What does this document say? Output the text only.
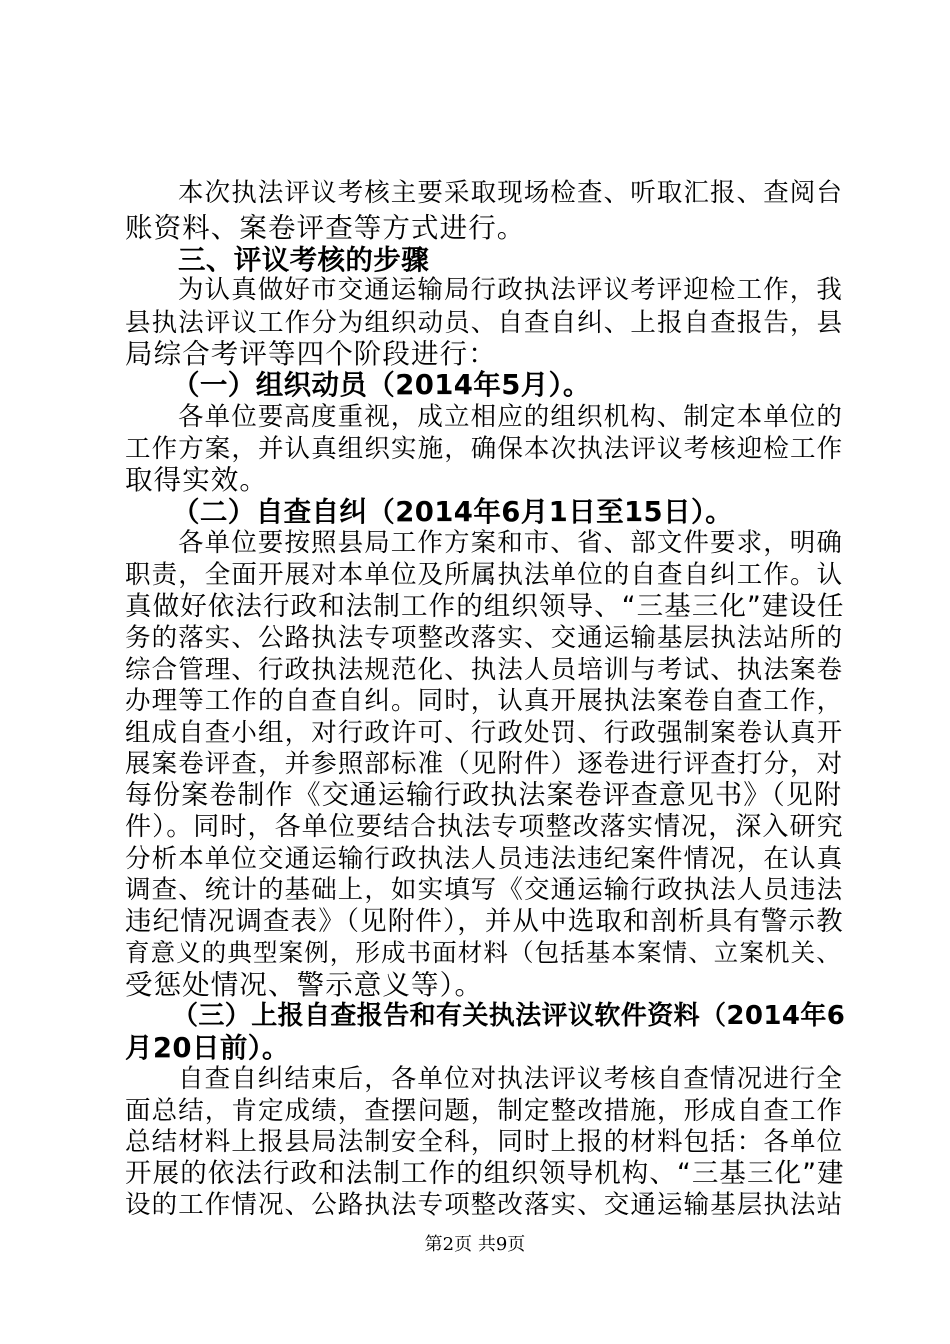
本次执法评议考核主要采取现场检查、听取汇报、查阅台
账资料、案卷评查等方式进行。
三、评议考核的步骤
为认真做好市交通运输局行政执法评议考评迎检工作，我
县执法评议工作分为组织动员、自查自纠、上报自查报告，县
局综合考评等四个阶段进行：
（一）组织动员（2014年5月）。
各单位要高度重视，成立相应的组织机构、制定本单位的
工作方案，并认真组织实施，确保本次执法评议考核迎检工作
取得实效。
（二）自查自纠（2014年6月1日至15日）。
各单位要按照县局工作方案和市、省、部文件要求，明确
职责，全面开展对本单位及所属执法单位的自查自纠工作。认
真做好依法行政和法制工作的组织领导、“三基三化”建设任
务的落实、公路执法专项整改落实、交通运输基层执法站所的
综合管理、行政执法规范化、执法人员培训与考试、执法案卷
办理等工作的自查自纠。同时，认真开展执法案卷自查工作，
组成自查小组，对行政许可、行政处罚、行政强制案卷认真开
展案卷评查，并参照部标准（见附件）逐卷进行评查打分，对
每份案卷制作《交通运输行政执法案卷评查意见书》（见附
件）。同时，各单位要结合执法专项整改落实情况，深入研究
分析本单位交通运输行政执法人员违法违纪案件情况，在认真
调查、统计的基础上，如实填写《交通运输行政执法人员违法
违纪情况调查表》（见附件），并从中选取和剖析具有警示教
育意义的典型案例，形成书面材料（包括基本案情、立案机关、
受惩处情况、警示意义等）。
（三）上报自查报告和有关执法评议软件资料（2014年6
月20日前）。
自查自纠结束后，各单位对执法评议考核自查情况进行全
面总结，肯定成绩，查摆问题，制定整改措施，形成自查工作
总结材料上报县局法制安全科，同时上报的材料包括：各单位
开展的依法行政和法制工作的组织领导机构、“三基三化”建
设的工作情况、公路执法专项整改落实、交通运输基层执法站
第2页 共9页
